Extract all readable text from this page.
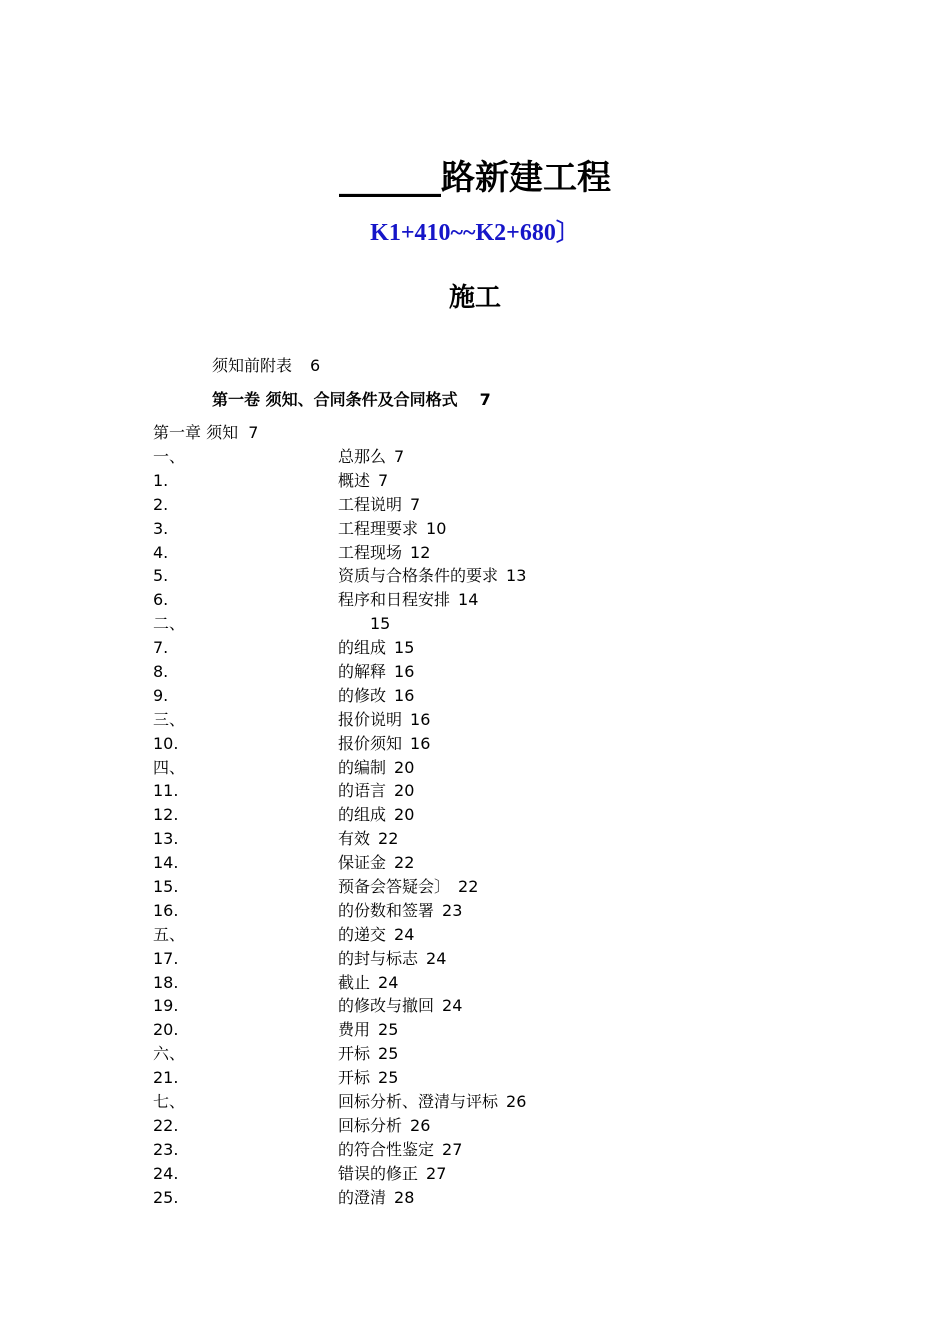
______路新建工程
K1+410~~K2+680〕
施工
须知前附表 6
第一卷 须知、合同条件及合同格式 7
第一章 须知 7
一、	总那么 7
1.	概述 7
2.	工程说明 7
3.	工程理要求 10
4.	工程现场 12
5.	资质与合格条件的要求 13
6.	程序和日程安排 14
二、	15
7.	的组成 15
8.	的解释 16
9.	的修改 16
三、	报价说明 16
10.	报价须知 16
四、	的编制 20
11.	的语言 20
12.	的组成 20
13.	有效 22
14.	保证金 22
15.	预备会答疑会〕 22
16.	的份数和签署 23
五、	的递交 24
17.	的封与标志 24
18.	截止 24
19.	的修改与撤回 24
20.	费用 25
六、	开标 25
21.	开标 25
七、	回标分析、澄清与评标 26
22.	回标分析 26
23.	的符合性鉴定 27
24.	错误的修正 27
25.	的澄清 28
